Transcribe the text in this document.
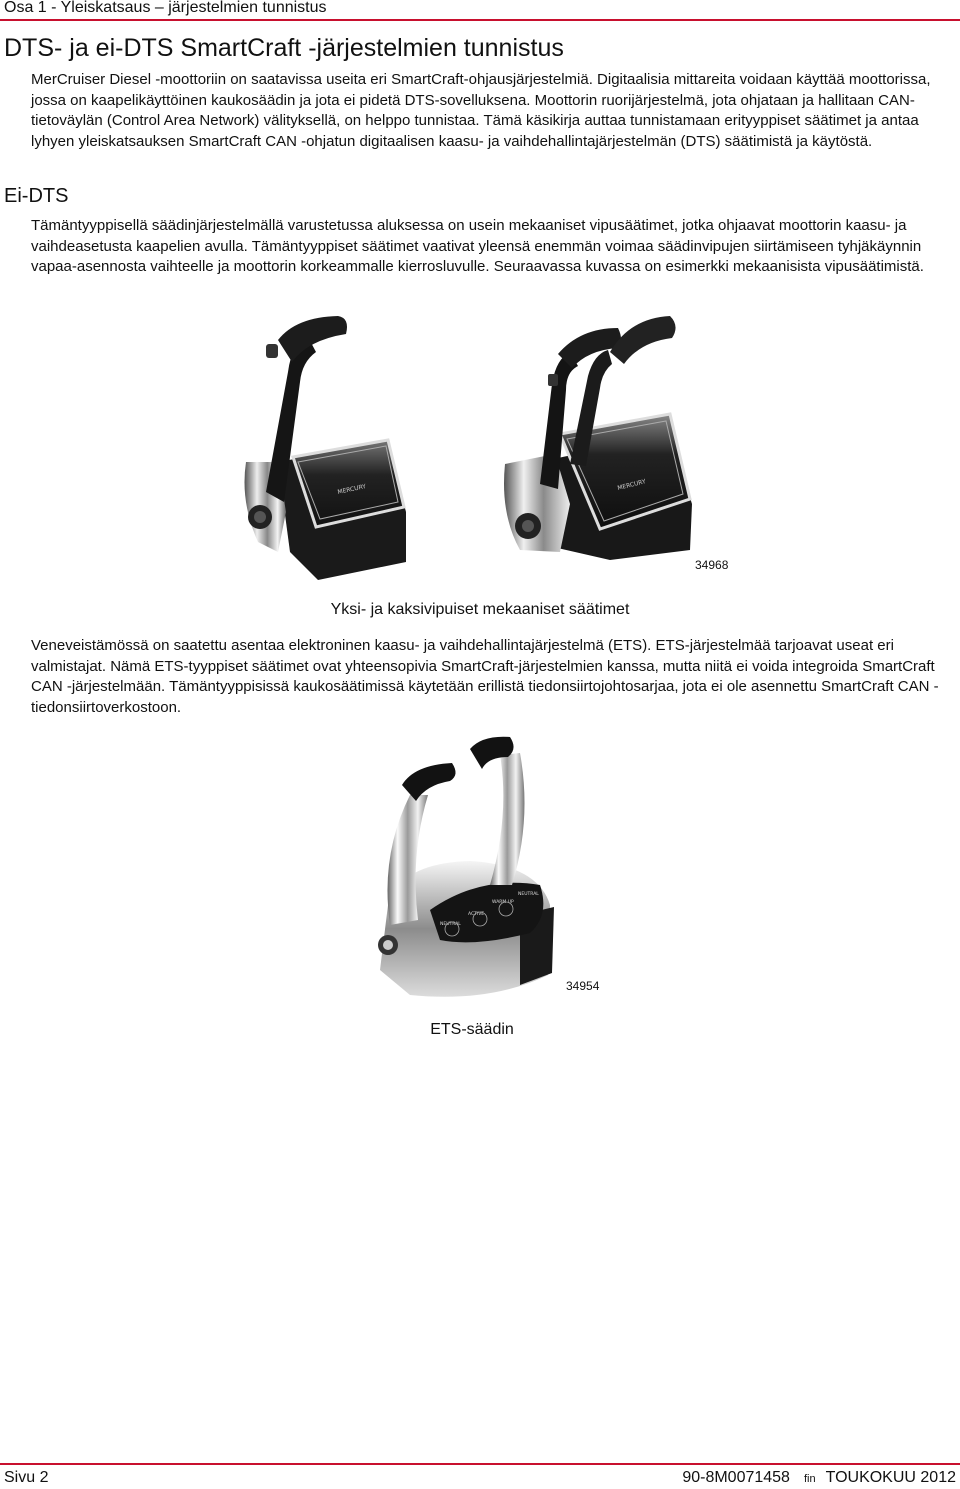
Osa 1 - Yleiskatsaus – järjestelmien tunnistus
DTS- ja ei-DTS SmartCraft -järjestelmien tunnistus

MerCruiser Diesel -moottoriin on saatavissa useita eri SmartCraft-ohjausjärjestelmiä. Digitaalisia mittareita voidaan käyttää moottorissa, jossa on kaapelikäyttöinen kaukosäädin ja jota ei pidetä DTS-sovelluksena. Moottorin ruorijärjestelmä, jota ohjataan ja hallitaan CAN-tietoväylän (Control Area Network) välityksellä, on helppo tunnistaa. Tämä käsikirja auttaa tunnistamaan erityyppiset säätimet ja antaa lyhyen yleiskatsauksen SmartCraft CAN -ohjatun digitaalisen kaasu- ja vaihdehallintajärjestelmän (DTS) säätimistä ja käytöstä.

Ei-DTS

Tämäntyyppisellä säädinjärjestelmällä varustetussa aluksessa on usein mekaaniset vipusäätimet, jotka ohjaavat moottorin kaasu- ja vaihdeasetusta kaapelien avulla. Tämäntyyppiset säätimet vaativat yleensä enemmän voimaa säädinvipujen siirtämiseen tyhjäkäynnin vapaa-asennosta vaihteelle ja moottorin korkeammalle kierrosluvulle. Seuraavassa kuvassa on esimerkki mekaanisista vipusäätimistä.

MERCURY	MERCURY
34968
Yksi- ja kaksivipuiset mekaaniset säätimet

Veneveistämössä on saatettu asentaa elektroninen kaasu- ja vaihdehallintajärjestelmä (ETS). ETS-järjestelmää tarjoavat useat eri valmistajat. Nämä ETS-tyyppiset säätimet ovat yhteensopivia SmartCraft-järjestelmien kanssa, mutta niitä ei voida integroida SmartCraft CAN -järjestelmään. Tämäntyyppisissä kaukosäätimissä käytetään erillistä tiedonsiirtojohtosarjaa, jota ei ole asennettu SmartCraft CAN -tiedonsiirtoverkostoon.

NEUTRAL
ACTIVE
WARM UP
NEUTRAL
34954
ETS-säädin
Sivu 2	90-8M0071458 fin TOUKOKUU 2012
